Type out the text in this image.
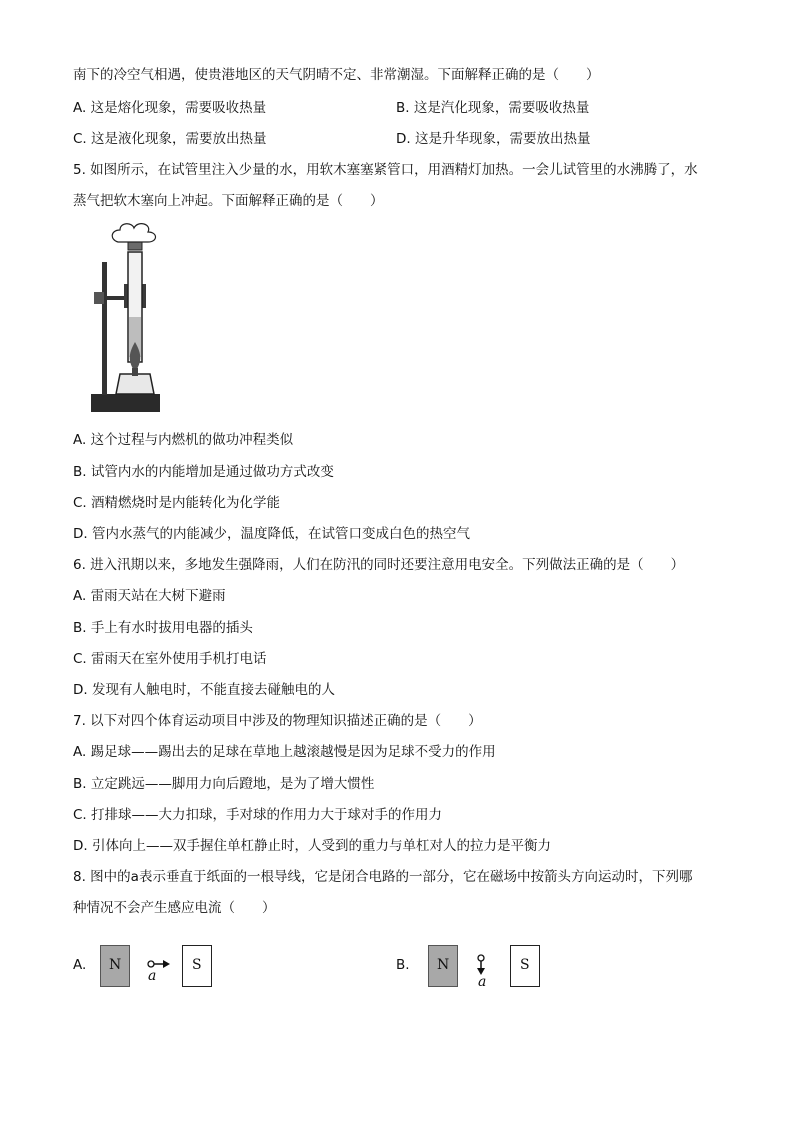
南下的冷空气相遇，使贵港地区的天气阴晴不定、非常潮湿。下面解释正确的是（　　）
A. 这是熔化现象，需要吸收热量	B. 这是汽化现象，需要吸收热量
C. 这是液化现象，需要放出热量	D. 这是升华现象，需要放出热量
5. 如图所示，在试管里注入少量的水，用软木塞塞紧管口，用酒精灯加热。一会儿试管里的水沸腾了，水
蒸气把软木塞向上冲起。下面解释正确的是（　　）
A. 这个过程与内燃机的做功冲程类似
B. 试管内水的内能增加是通过做功方式改变
C. 酒精燃烧时是内能转化为化学能
D. 管内水蒸气的内能减少，温度降低，在试管口变成白色的热空气
6. 进入汛期以来，多地发生强降雨，人们在防汛的同时还要注意用电安全。下列做法正确的是（　　）
A. 雷雨天站在大树下避雨
B. 手上有水时拔用电器的插头
C. 雷雨天在室外使用手机打电话
D. 发现有人触电时，不能直接去碰触电的人
7. 以下对四个体育运动项目中涉及的物理知识描述正确的是（　　）
A. 踢足球——踢出去的足球在草地上越滚越慢是因为足球不受力的作用
B. 立定跳远——脚用力向后蹬地，是为了增大惯性
C. 打排球——大力扣球，手对球的作用力大于球对手的作用力
D. 引体向上——双手握住单杠静止时，人受到的重力与单杠对人的拉力是平衡力
8. 图中的a表示垂直于纸面的一根导线，它是闭合电路的一部分，它在磁场中按箭头方向运动时，下列哪
种情况不会产生感应电流（　　）
A. N
a
S	B. N
a
S
